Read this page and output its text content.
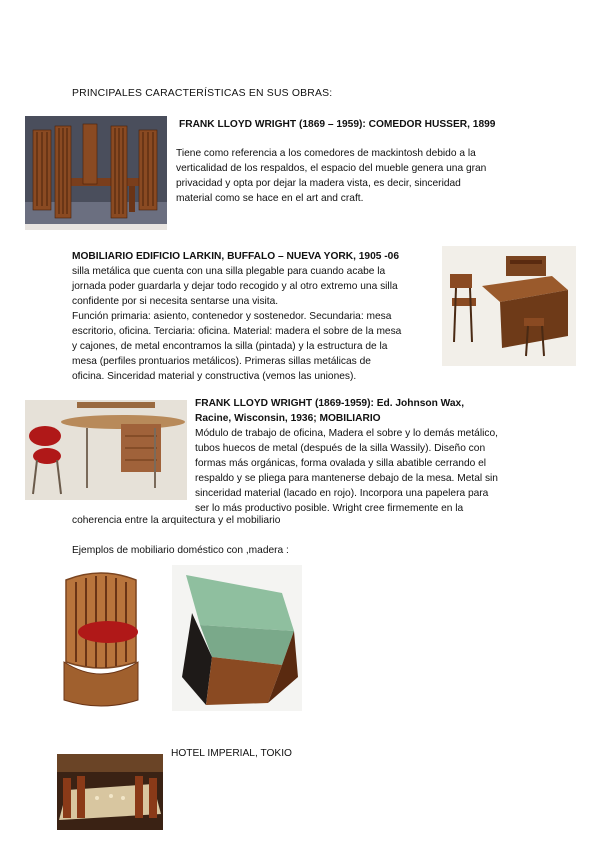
PRINCIPALES CARACTERÍSTICAS EN SUS OBRAS:
FRANK LLOYD WRIGHT (1869 – 1959): COMEDOR HUSSER, 1899

Tiene como referencia a los comedores de mackintosh debido a la

verticalidad de los respaldos, el espacio del mueble genera una gran

privacidad y opta por dejar la madera vista, es decir, sinceridad

material como se hace en el art and craft.

MOBILIARIO EDIFICIO LARKIN, BUFFALO – NUEVA YORK, 1905 -06

silla metálica que cuenta con una silla plegable para cuando acabe la

jornada poder guardarla y dejar todo recogido y al otro extremo una silla

confidente por si necesita sentarse una visita.

Función primaria: asiento, contenedor y sostenedor. Secundaria: mesa

escritorio, oficina. Terciaria: oficina. Material: madera el sobre de la mesa

y cajones, de metal encontramos la silla (pintada) y la estructura de la

mesa (perfiles prontuarios metálicos). Primeras sillas metálicas de

oficina. Sinceridad material y constructiva (vemos las uniones).

FRANK LLOYD WRIGHT (1869-1959): Ed. Johnson Wax,

Racine, Wisconsin, 1936; MOBILIARIO

Módulo de trabajo de oficina, Madera el sobre y lo demás metálico,

tubos huecos de metal (después de la silla Wassily). Diseño con

formas más orgánicas, forma ovalada y silla abatible cerrando el

respaldo y se pliega para mantenerse debajo de la mesa. Metal sin

sinceridad material (lacado en rojo). Incorpora una papelera para

ser lo más productivo posible. Wright cree firmemente en la

coherencia entre la arquitectura y el mobiliario
Ejemplos de mobiliario doméstico con ,madera :
HOTEL IMPERIAL, TOKIO
